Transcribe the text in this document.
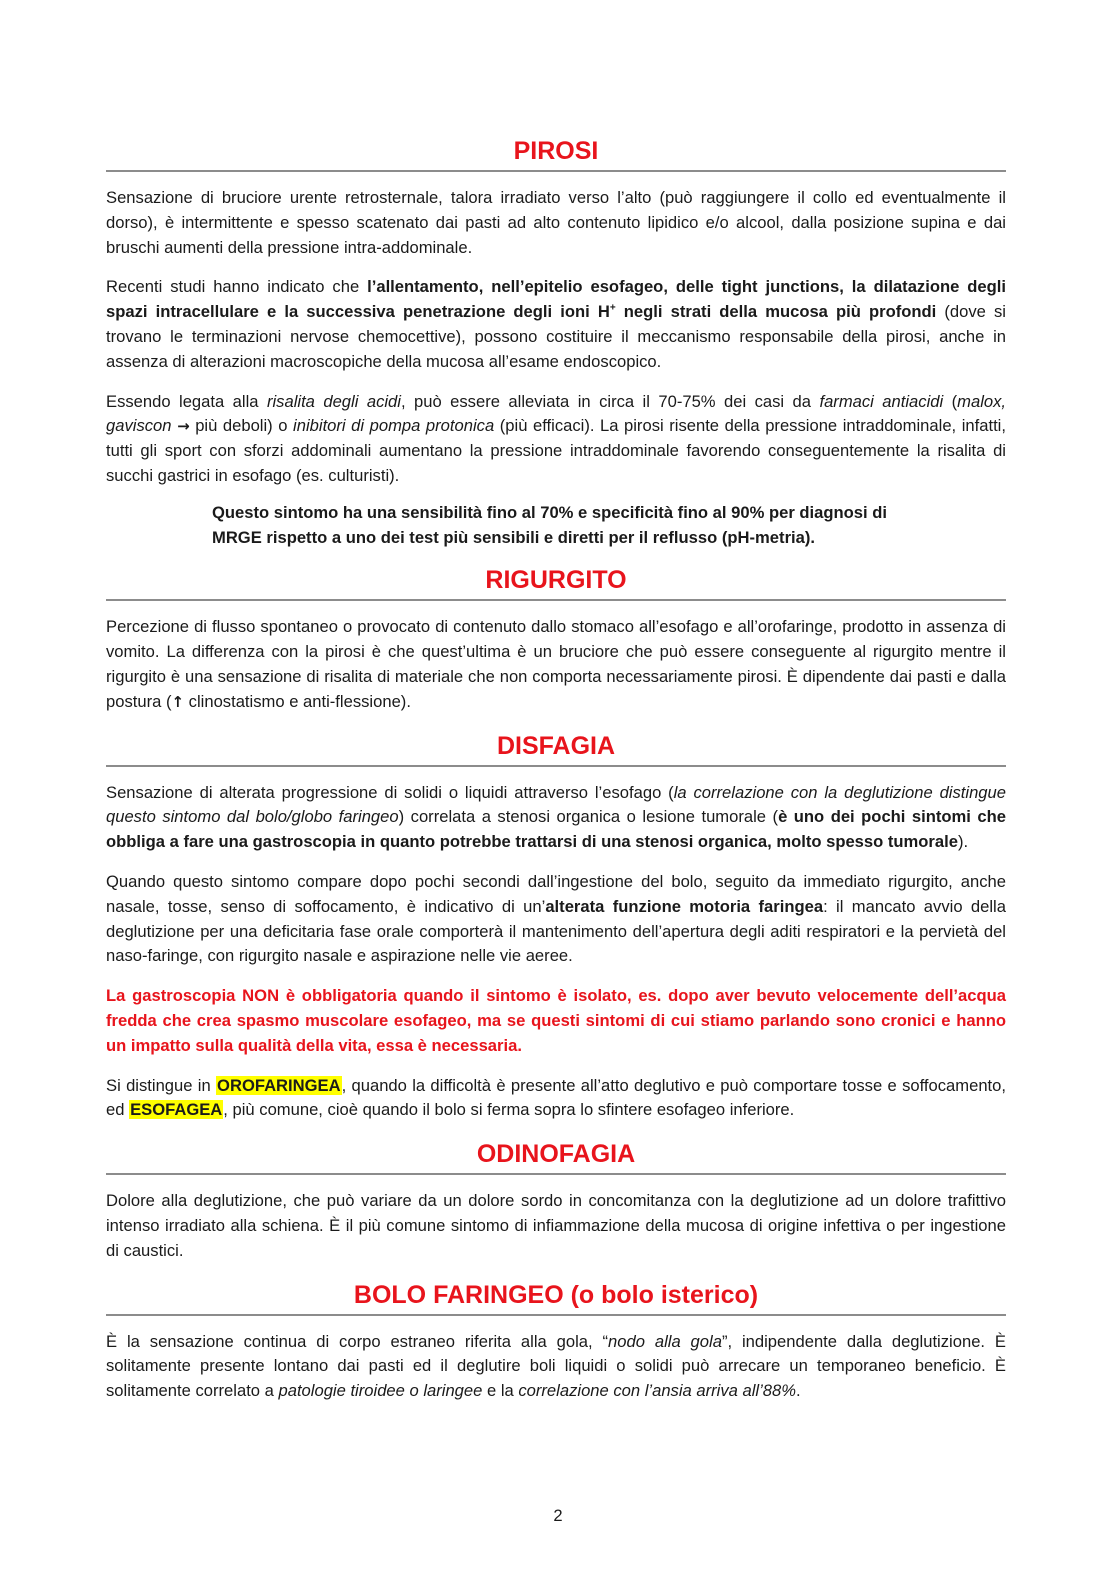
PIROSI

Sensazione di bruciore urente retrosternale, talora irradiato verso l’alto (può raggiungere il collo ed eventualmente il dorso), è intermittente e spesso scatenato dai pasti ad alto contenuto lipidico e/o alcool, dalla posizione supina e dai bruschi aumenti della pressione intra-addominale.

Recenti studi hanno indicato che l’allentamento, nell’epitelio esofageo, delle tight junctions, la dilatazione degli spazi intracellulare e la successiva penetrazione degli ioni H+ negli strati della mucosa più profondi (dove si trovano le terminazioni nervose chemocettive), possono costituire il meccanismo responsabile della pirosi, anche in assenza di alterazioni macroscopiche della mucosa all’esame endoscopico.

Essendo legata alla risalita degli acidi, può essere alleviata in circa il 70-75% dei casi da farmaci antiacidi (malox, gaviscon → più deboli) o inibitori di pompa protonica (più efficaci). La pirosi risente della pressione intraddominale, infatti, tutti gli sport con sforzi addominali aumentano la pressione intraddominale favorendo conseguentemente la risalita di succhi gastrici in esofago (es. culturisti).

Questo sintomo ha una sensibilità fino al 70% e specificità fino al 90% per diagnosi di MRGE rispetto a uno dei test più sensibili e diretti per il reflusso (pH-metria).

RIGURGITO

Percezione di flusso spontaneo o provocato di contenuto dallo stomaco all’esofago e all’orofaringe, prodotto in assenza di vomito. La differenza con la pirosi è che quest’ultima è un bruciore che può essere conseguente al rigurgito mentre il rigurgito è una sensazione di risalita di materiale che non comporta necessariamente pirosi. È dipendente dai pasti e dalla postura (↑ clinostatismo e anti-flessione).

DISFAGIA

Sensazione di alterata progressione di solidi o liquidi attraverso l’esofago (la correlazione con la deglutizione distingue questo sintomo dal bolo/globo faringeo) correlata a stenosi organica o lesione tumorale (è uno dei pochi sintomi che obbliga a fare una gastroscopia in quanto potrebbe trattarsi di una stenosi organica, molto spesso tumorale).

Quando questo sintomo compare dopo pochi secondi dall’ingestione del bolo, seguito da immediato rigurgito, anche nasale, tosse, senso di soffocamento, è indicativo di un’alterata funzione motoria faringea: il mancato avvio della deglutizione per una deficitaria fase orale comporterà il mantenimento dell’apertura degli aditi respiratori e la pervietà del naso-faringe, con rigurgito nasale e aspirazione nelle vie aeree.

La gastroscopia NON è obbligatoria quando il sintomo è isolato, es. dopo aver bevuto velocemente dell’acqua fredda che crea spasmo muscolare esofageo, ma se questi sintomi di cui stiamo parlando sono cronici e hanno un impatto sulla qualità della vita, essa è necessaria.

Si distingue in OROFARINGEA, quando la difficoltà è presente all’atto deglutivo e può comportare tosse e soffocamento, ed ESOFAGEA, più comune, cioè quando il bolo si ferma sopra lo sfintere esofageo inferiore.

ODINOFAGIA

Dolore alla deglutizione, che può variare da un dolore sordo in concomitanza con la deglutizione ad un dolore trafittivo intenso irradiato alla schiena. È il più comune sintomo di infiammazione della mucosa di origine infettiva o per ingestione di caustici.

BOLO FARINGEO (o bolo isterico)

È la sensazione continua di corpo estraneo riferita alla gola, “nodo alla gola”, indipendente dalla deglutizione. È solitamente presente lontano dai pasti ed il deglutire boli liquidi o solidi può arrecare un temporaneo beneficio. È solitamente correlato a patologie tiroidee o laringee e la correlazione con l’ansia arriva all’88%.

2
